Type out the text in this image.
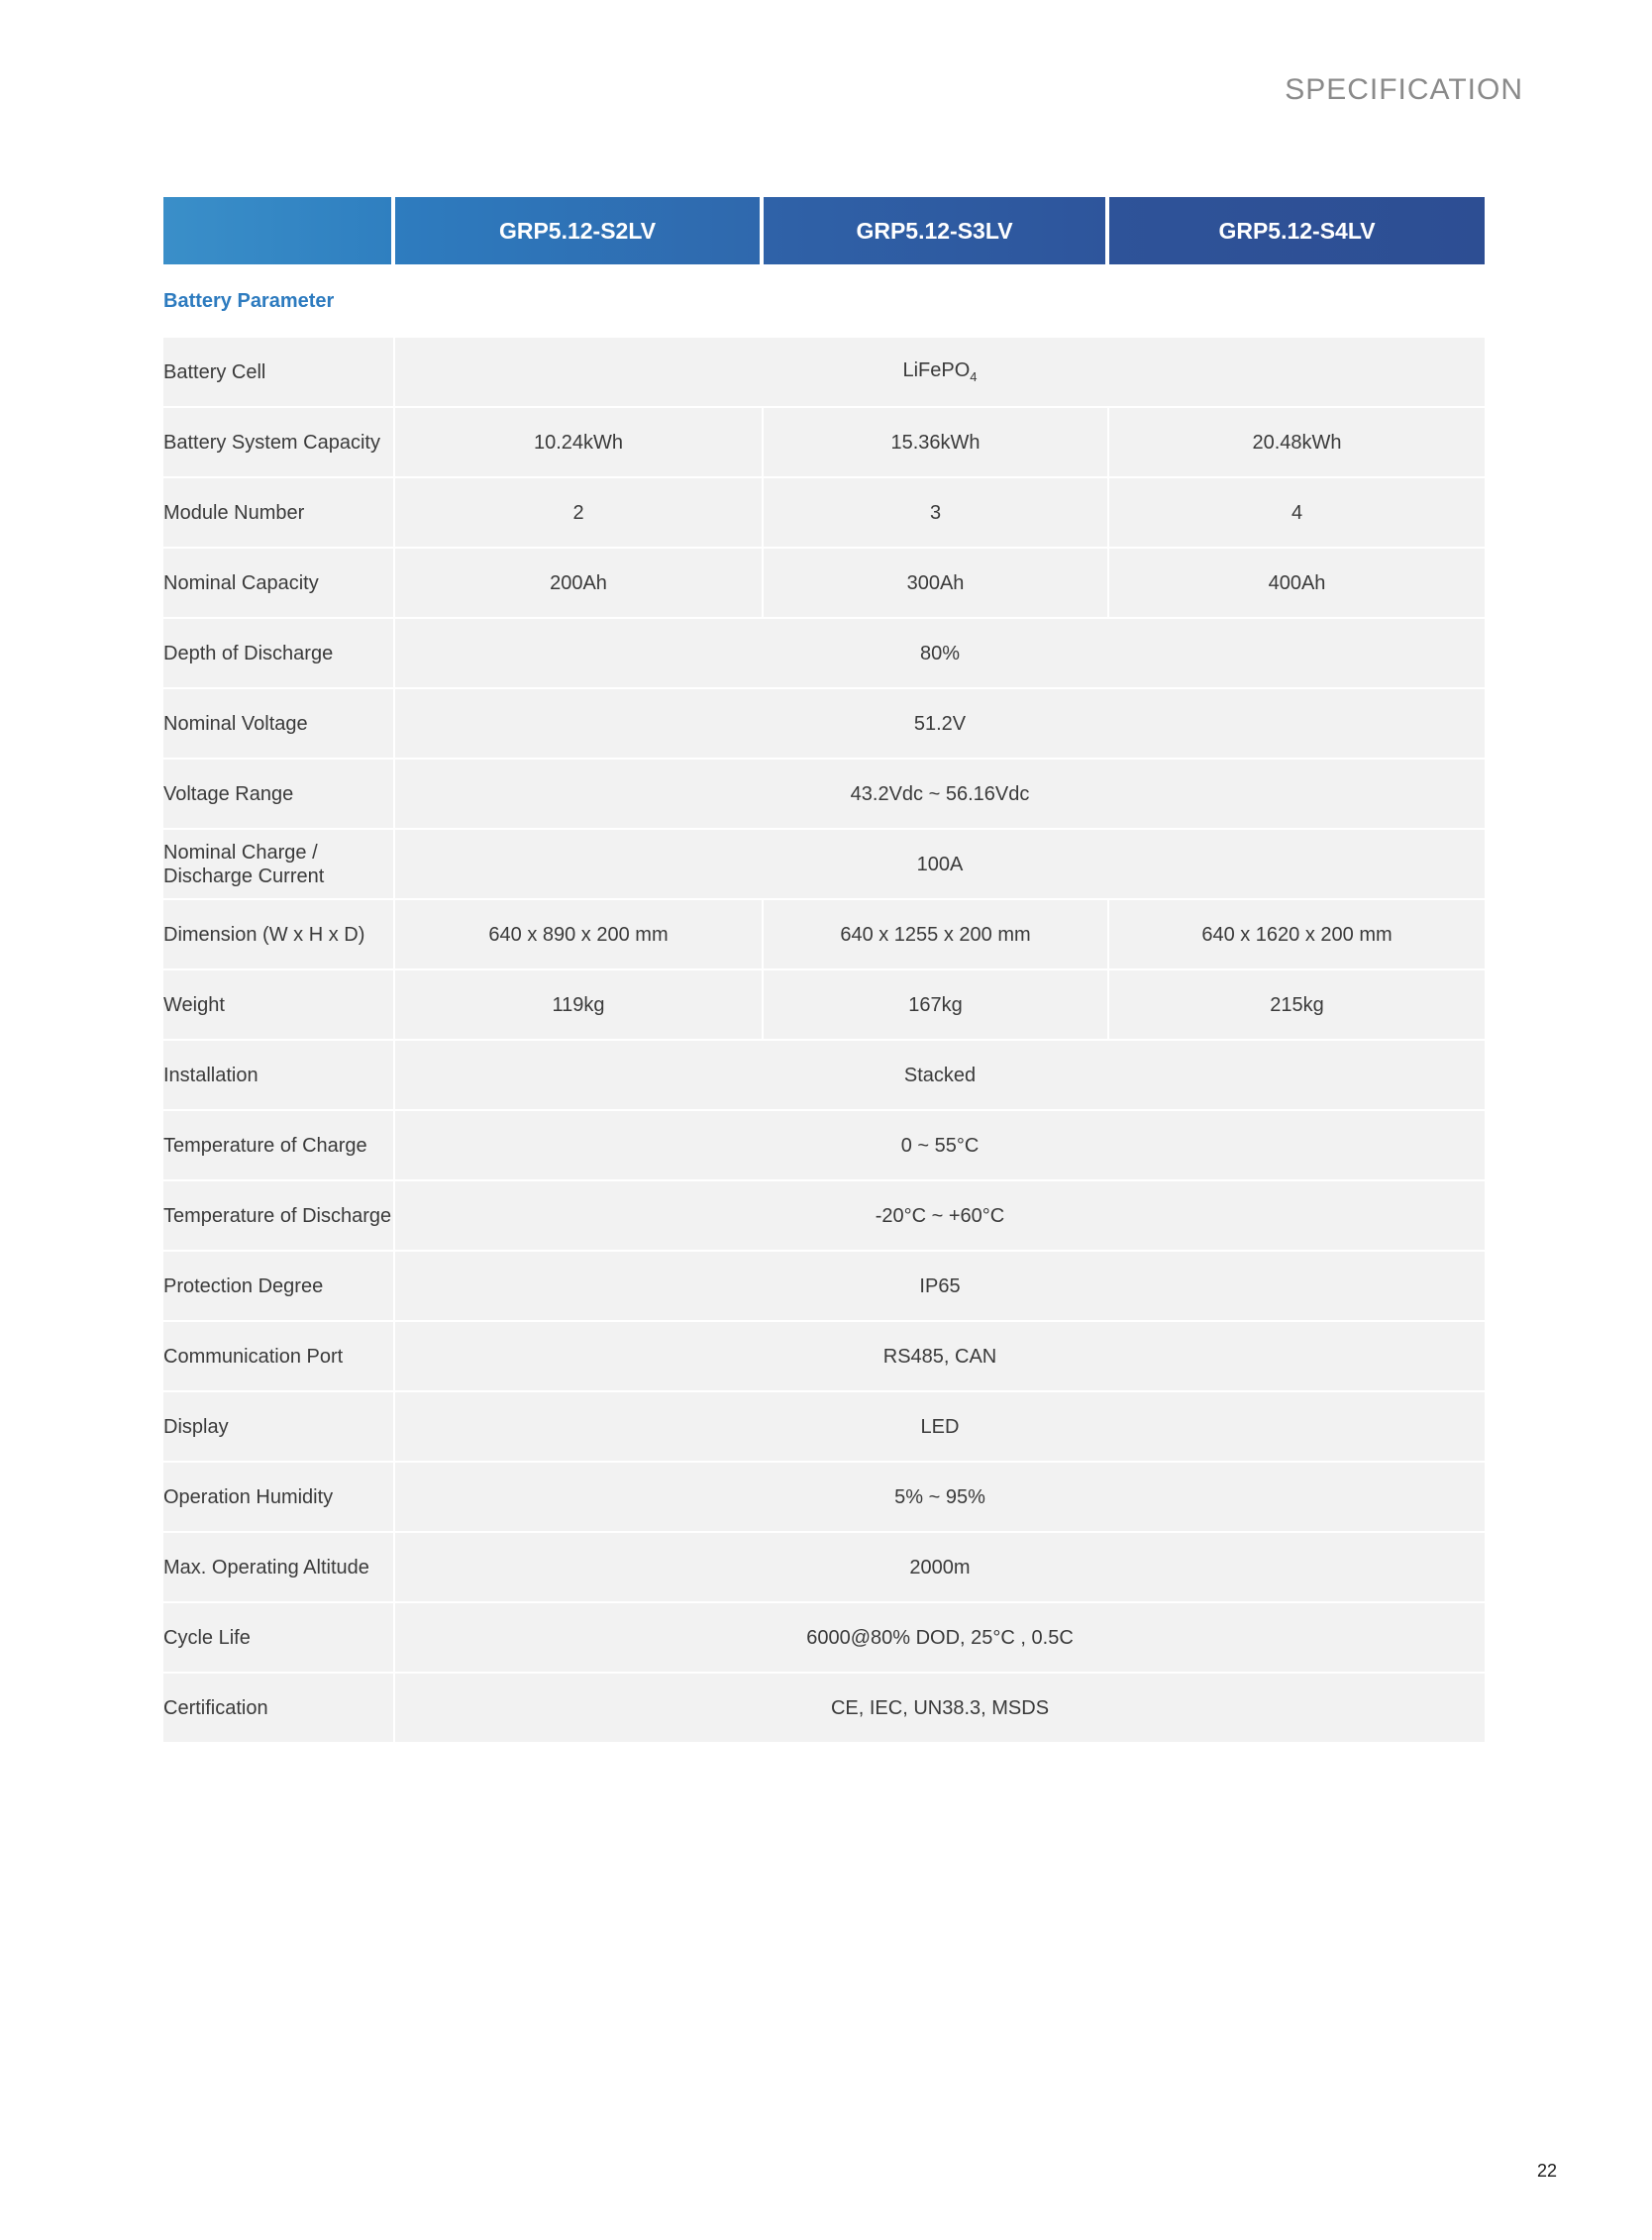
SPECIFICATION
	GRP5.12-S2LV	GRP5.12-S3LV	GRP5.12-S4LV
Battery Parameter			
Battery Cell	LiFePO$_4$
Battery System Capacity	10.24kWh	15.36kWh	20.48kWh
Module Number	2	3	4
Nominal Capacity	200Ah	300Ah	400Ah
Depth of Discharge	80%		
Nominal Voltage	51.2V		
Voltage Range	43.2Vdc ~ 56.16Vdc		
Nominal Charge /
Discharge Current	100A		
Dimension (W x H x D)	640 x 890 x 200 mm	640 x 1255 x 200 mm	640 x 1620 x 200 mm
Weight	119kg	167kg	215kg
Installation	Stacked		
Temperature of Charge	0 ~ 55°C		
Temperature of Discharge	-20°C ~ +60°C		
Protection Degree	IP65		
Communication Port	RS485, CAN		
Display	LED		
Operation Humidity	5% ~ 95%		
Max. Operating Altitude	2000m		
Cycle Life	6000@80% DOD, 25°C , 0.5C		
Certification	CE, IEC, UN38.3, MSDS		
22
